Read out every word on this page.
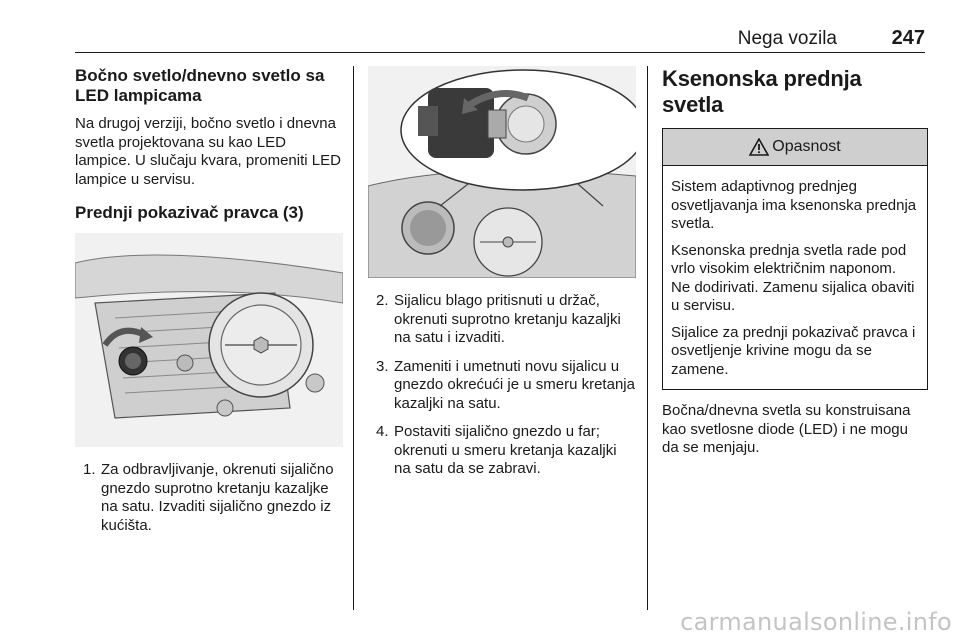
Nega vozila	247
Bočno svetlo/dnevno svetlo sa LED lampicama

Na drugoj verziji, bočno svetlo i dnevna svetla projektovana su kao LED lampice. U slučaju kvara, promeniti LED lampice u servisu.

Prednji pokazivač pravca (3)
1. Za odbravljivanje, okrenuti sijalično gnezdo suprotno kretanju kazaljke na satu. Izvaditi sijalično gnezdo iz kućišta.
2. Sijalicu blago pritisnuti u držač, okrenuti suprotno kretanju kazaljki na satu i izvaditi.
3. Zameniti i umetnuti novu sijalicu u gnezdo okrećući je u smeru kretanja kazaljki na satu.
4. Postaviti sijalično gnezdo u far; okrenuti u smeru kretanja kazaljki na satu da se zabravi.
Ksenonska prednja svetla
Opasnost

Sistem adaptivnog prednjeg osvetljavanja ima ksenonska prednja svetla.

Ksenonska prednja svetla rade pod vrlo visokim električnim naponom. Ne dodirivati. Zamenu sijalica obaviti u servisu.

Sijalice za prednji pokazivač pravca i osvetljenje krivine mogu da se zamene.

Bočna/dnevna svetla su konstruisana kao svetlosne diode (LED) i ne mogu da se menjaju.

carmanualsonline.info
